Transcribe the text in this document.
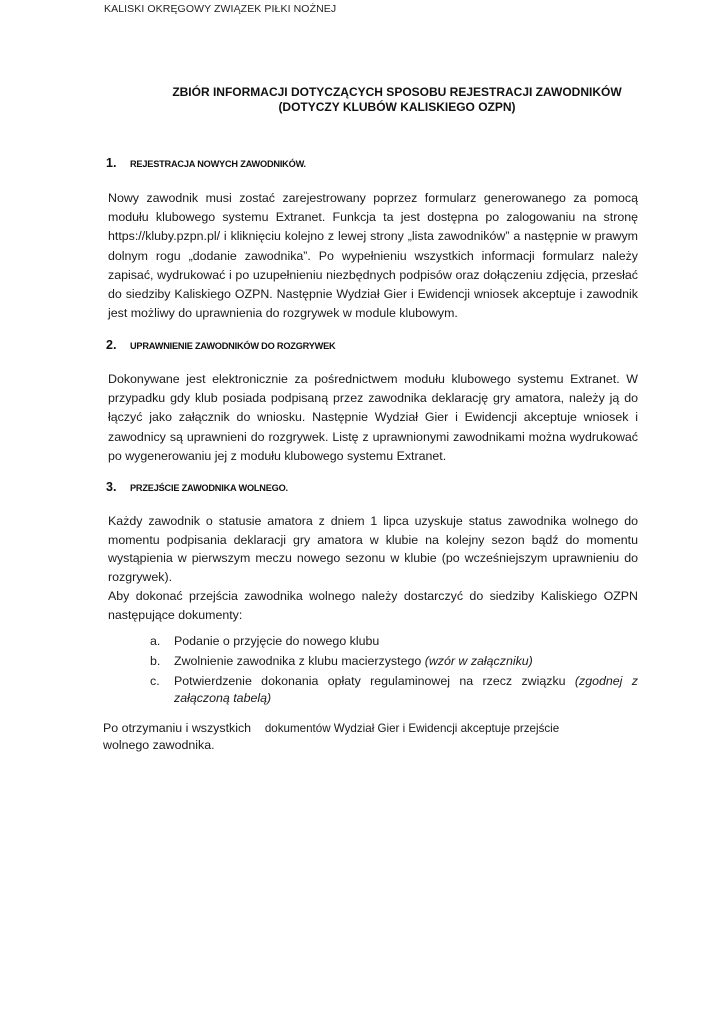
KALISKI OKRĘGOWY ZWIĄZEK PIŁKI NOŻNEJ
ZBIÓR INFORMACJI DOTYCZĄCYCH SPOSOBU REJESTRACJI ZAWODNIKÓW
(DOTYCZY KLUBÓW KALISKIEGO OZPN)
1.	REJESTRACJA NOWYCH ZAWODNIKÓW.
Nowy zawodnik musi zostać zarejestrowany poprzez formularz generowanego za pomocą modułu klubowego systemu Extranet. Funkcja ta jest dostępna po zalogowaniu na stronę https://kluby.pzpn.pl/ i kliknięciu kolejno z lewej strony „lista zawodników” a następnie w prawym dolnym rogu „dodanie zawodnika”. Po wypełnieniu wszystkich informacji formularz należy zapisać, wydrukować i po uzupełnieniu niezbędnych podpisów oraz dołączeniu zdjęcia, przesłać do siedziby Kaliskiego OZPN. Następnie Wydział Gier i Ewidencji wniosek akceptuje i zawodnik jest możliwy do uprawnienia do rozgrywek w module klubowym.
2.	UPRAWNIENIE ZAWODNIKÓW DO ROZGRYWEK
Dokonywane jest elektronicznie za pośrednictwem modułu klubowego systemu Extranet. W przypadku gdy klub posiada podpisaną przez zawodnika deklarację gry amatora, należy ją do łączyć jako załącznik do wniosku. Następnie Wydział Gier i Ewidencji akceptuje wniosek i zawodnicy są uprawnieni do rozgrywek. Listę z uprawnionymi zawodnikami można wydrukować po wygenerowaniu jej z modułu klubowego systemu Extranet.
3.	PRZEJŚCIE ZAWODNIKA WOLNEGO.
Każdy zawodnik o statusie amatora z dniem 1 lipca uzyskuje status zawodnika wolnego do momentu podpisania deklaracji gry amatora w klubie na kolejny sezon bądź do momentu wystąpienia w pierwszym meczu nowego sezonu w klubie (po wcześniejszym uprawnieniu do rozgrywek).
Aby dokonać przejścia zawodnika wolnego należy dostarczyć do siedziby Kaliskiego OZPN następujące dokumenty:
a.	Podanie o przyjęcie do nowego klubu
b.	Zwolnienie zawodnika z klubu macierzystego (wzór w załączniku)
c.	Potwierdzenie dokonania opłaty regulaminowej na rzecz związku (zgodnej z załączoną tabelą)
Po otrzymaniu i wszystkich dokumentów Wydział Gier i Ewidencji akceptuje przejście
wolnego zawodnika.
